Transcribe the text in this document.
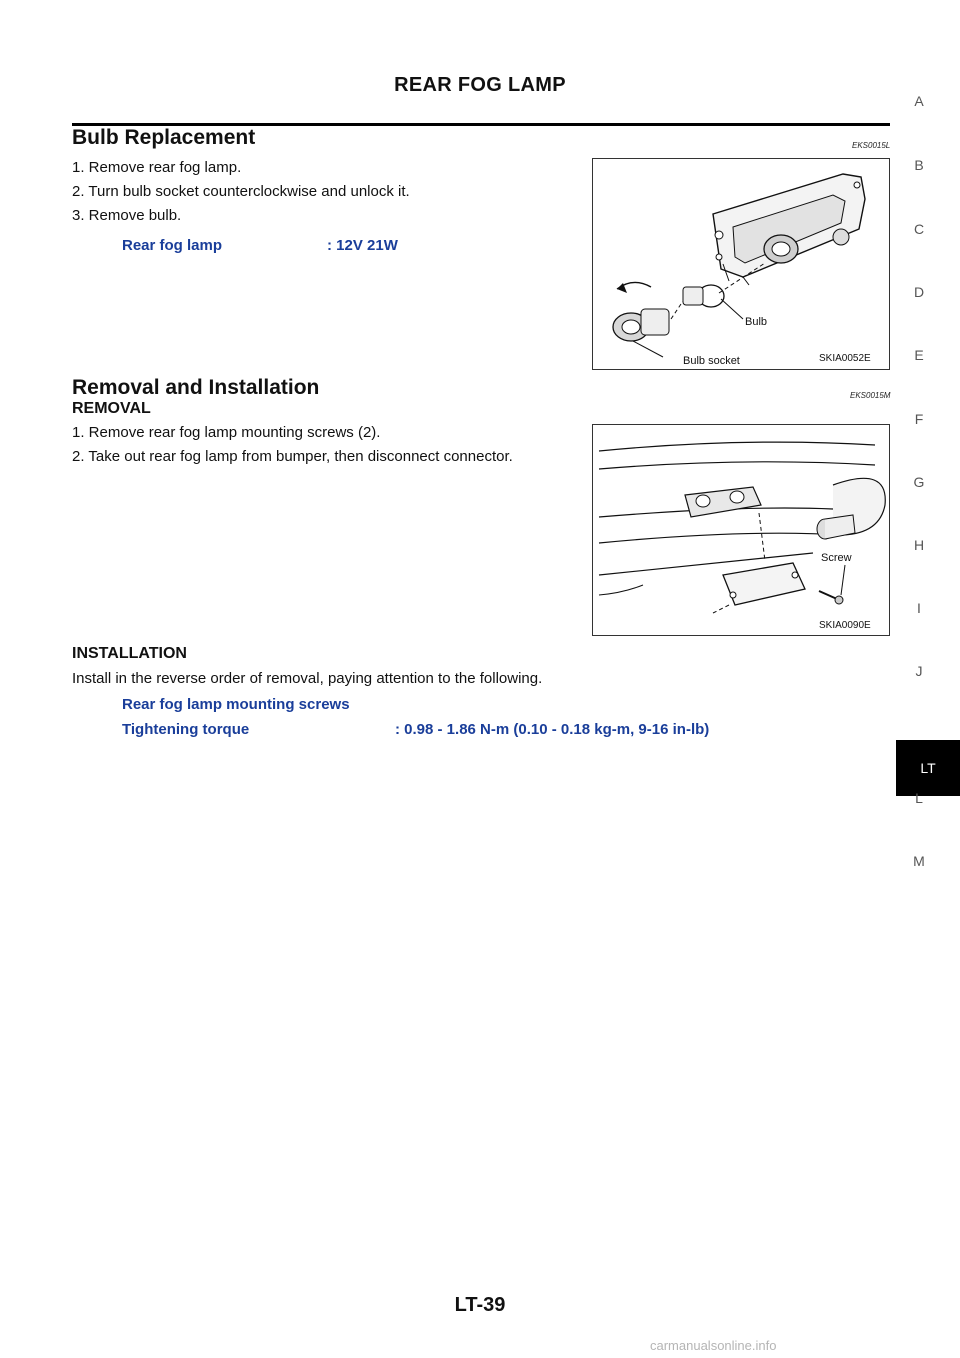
REAR FOG LAMP
Bulb Replacement	EKS0015L
1. Remove rear fog lamp.
2. Turn bulb socket counterclockwise and unlock it.
3. Remove bulb.
Rear fog lamp	: 12V 21W
Bulb
Bulb socket	SKIA0052E
Removal and Installation	EKS0015M
REMOVAL
1. Remove rear fog lamp mounting screws (2).
2. Take out rear fog lamp from bumper, then disconnect connector.
Screw
SKIA0090E
INSTALLATION
Install in the reverse order of removal, paying attention to the following.
Rear fog lamp mounting screws
Tightening torque	: 0.98 - 1.86 N-m (0.10 - 0.18 kg-m, 9-16 in-lb)
A
B
C
D
E
F
G
H
I
J
LT
L
M
LT-39
carmanualsonline.info
